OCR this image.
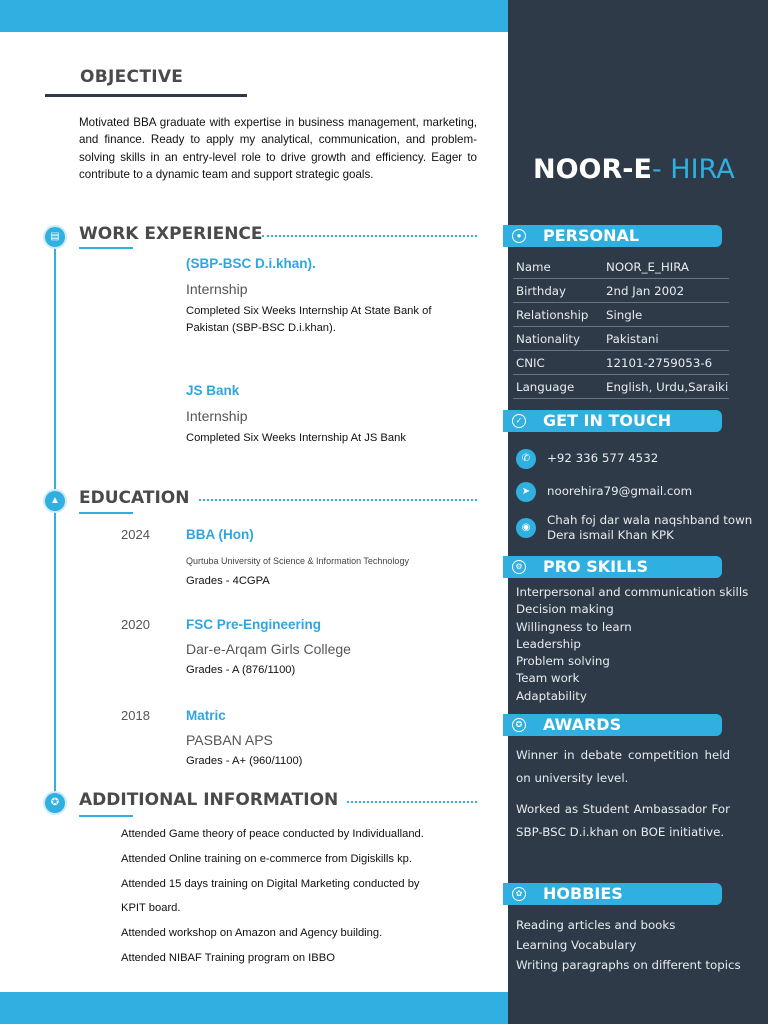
OBJECTIVE

Motivated BBA graduate with expertise in business management, marketing, and finance. Ready to apply my analytical, communication, and problem-solving skills in an entry-level role to drive growth and efficiency. Eager to contribute to a dynamic team and support strategic goals.

▤	WORK EXPERIENCE
(SBP-BSC D.i.khan).
Internship
Completed Six Weeks Internship At State Bank of Pakistan (SBP-BSC D.i.khan).
JS Bank
Internship
Completed Six Weeks Internship At JS Bank
▲ EDUCATION
2024	BBA (Hon)
Qurtuba University of Science & Information Technology
Grades - 4CGPA
2020	FSC Pre-Engineering
Dar-e-Arqam Girls College
Grades - A (876/1100)
2018	Matric
PASBAN APS
Grades - A+ (960/1100)
✪	ADDITIONAL INFORMATION
Attended Game theory of peace conducted by Individualland.
Attended Online training on e-commerce from Digiskills kp.
Attended 15 days training on Digital Marketing conducted by
KPIT board.
Attended workshop on Amazon and Agency building.
Attended NIBAF Training program on IBBO
NOOR-E- HIRA
● PERSONAL
Name	NOOR_E_HIRA
Birthday	2nd Jan 2002
Relationship	Single
Nationality	Pakistani
CNIC	12101-2759053-6
Language	English, Urdu,Saraiki
✓ GET IN TOUCH
✆	+92 336 577 4532
➤	noorehira79@gmail.com
◉
Chah foj dar wala naqshband town
Dera ismail Khan KPK
⚙ PRO SKILLS
Interpersonal and communication skills
Decision making
Willingness to learn
Leadership
Problem solving
Team work
Adaptability
✪ AWARDS

Winner in debate competition held on university level.

Worked as Student Ambassador For SBP-BSC D.i.khan on BOE initiative.

✿ HOBBIES
Reading articles and books
Learning Vocabulary
Writing paragraphs on different topics
